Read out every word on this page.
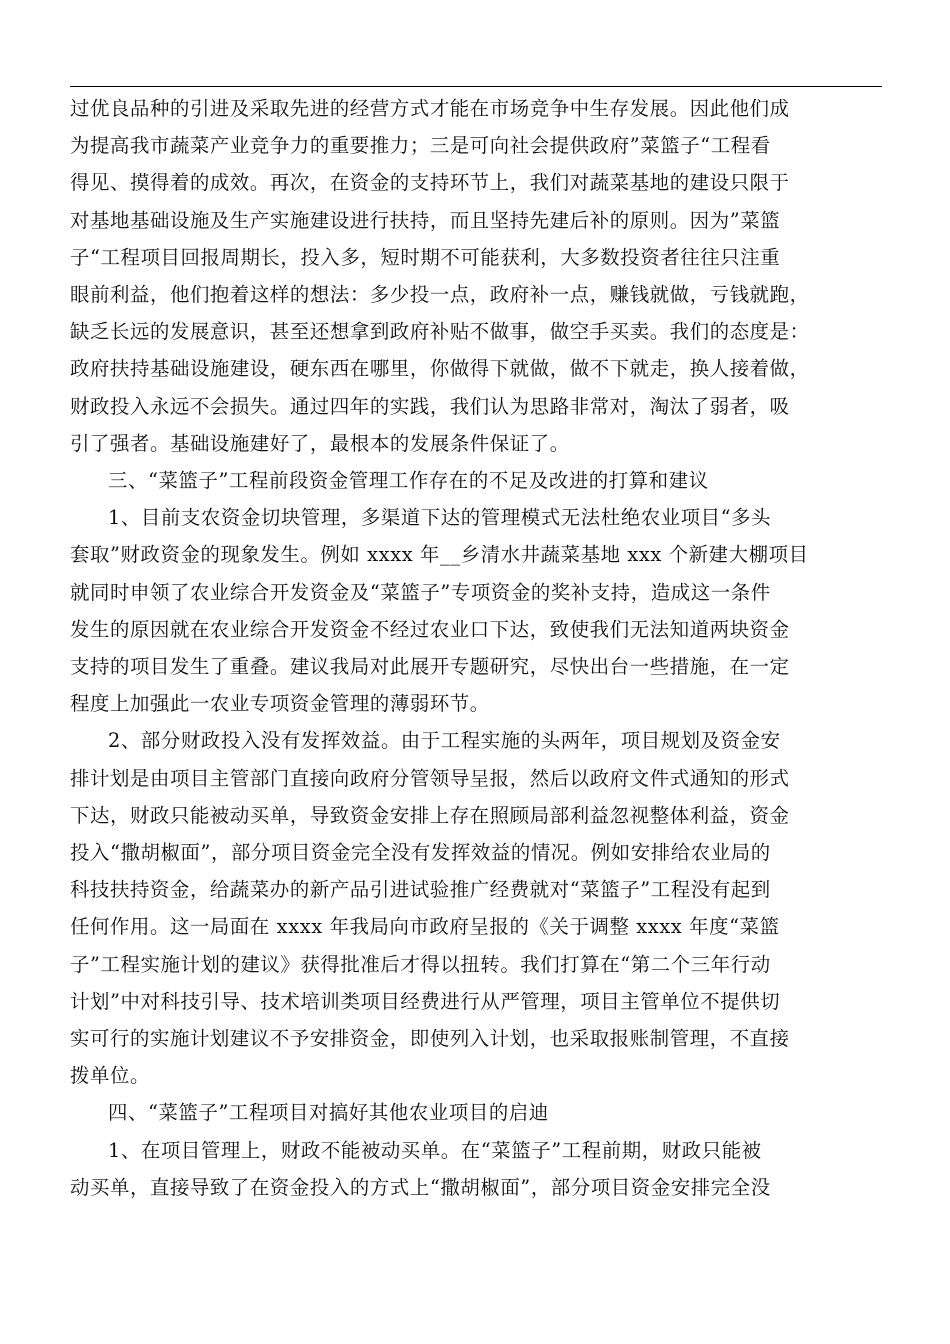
过优良品种的引进及采取先进的经营方式才能在市场竞争中生存发展。因此他们成
为提高我市蔬菜产业竞争力的重要推力；三是可向社会提供政府”菜篮子“工程看
得见、摸得着的成效。再次，在资金的支持环节上，我们对蔬菜基地的建设只限于
对基地基础设施及生产实施建设进行扶持，而且坚持先建后补的原则。因为”菜篮
子“工程项目回报周期长，投入多，短时期不可能获利，大多数投资者往往只注重
眼前利益，他们抱着这样的想法：多少投一点，政府补一点，赚钱就做，亏钱就跑，
缺乏长远的发展意识，甚至还想拿到政府补贴不做事，做空手买卖。我们的态度是：
政府扶持基础设施建设，硬东西在哪里，你做得下就做，做不下就走，换人接着做，
财政投入永远不会损失。通过四年的实践，我们认为思路非常对，淘汰了弱者，吸
引了强者。基础设施建好了，最根本的发展条件保证了。

三、“菜篮子”工程前段资金管理工作存在的不足及改进的打算和建议

1、目前支农资金切块管理，多渠道下达的管理模式无法杜绝农业项目“多头
套取”财政资金的现象发生。例如 xxxx 年__乡清水井蔬菜基地 xxx 个新建大棚项目
就同时申领了农业综合开发资金及“菜篮子”专项资金的奖补支持，造成这一条件
发生的原因就在农业综合开发资金不经过农业口下达，致使我们无法知道两块资金
支持的项目发生了重叠。建议我局对此展开专题研究，尽快出台一些措施，在一定
程度上加强此一农业专项资金管理的薄弱环节。

2、部分财政投入没有发挥效益。由于工程实施的头两年，项目规划及资金安
排计划是由项目主管部门直接向政府分管领导呈报，然后以政府文件式通知的形式
下达，财政只能被动买单，导致资金安排上存在照顾局部利益忽视整体利益，资金
投入“撒胡椒面”，部分项目资金完全没有发挥效益的情况。例如安排给农业局的
科技扶持资金，给蔬菜办的新产品引进试验推广经费就对“菜篮子”工程没有起到
任何作用。这一局面在 xxxx 年我局向市政府呈报的《关于调整 xxxx 年度“菜篮
子”工程实施计划的建议》获得批准后才得以扭转。我们打算在“第二个三年行动
计划”中对科技引导、技术培训类项目经费进行从严管理，项目主管单位不提供切
实可行的实施计划建议不予安排资金，即使列入计划，也采取报账制管理，不直接
拨单位。

四、“菜篮子”工程项目对搞好其他农业项目的启迪

1、在项目管理上，财政不能被动买单。在“菜篮子”工程前期，财政只能被
动买单，直接导致了在资金投入的方式上“撒胡椒面”，部分项目资金安排完全没
